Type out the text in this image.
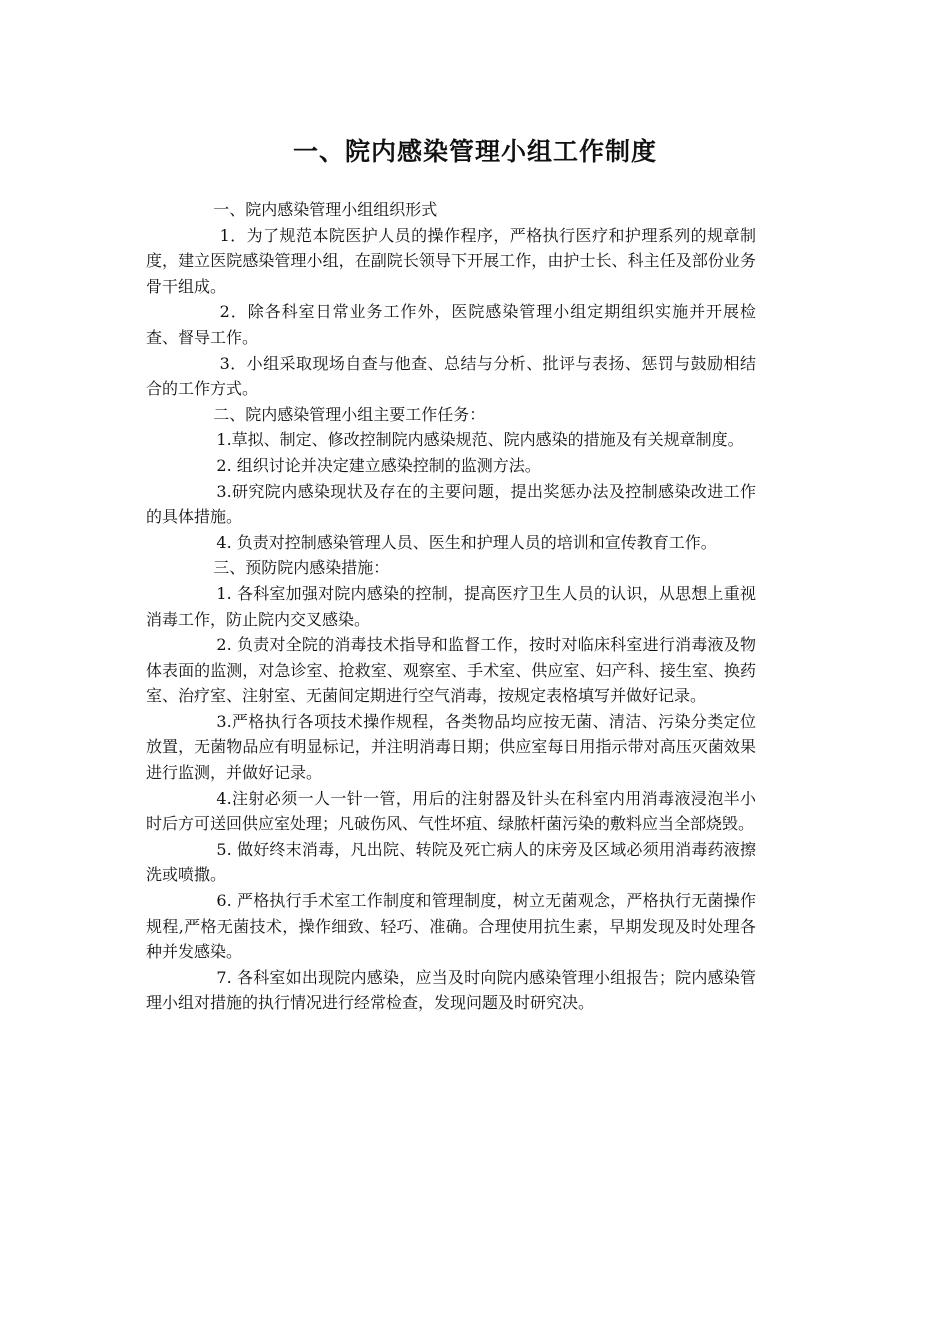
一、院内感染管理小组工作制度

一、院内感染管理小组组织形式

1．为了规范本院医护人员的操作程序，严格执行医疗和护理系列的规章制度，建立医院感染管理小组，在副院长领导下开展工作，由护士长、科主任及部份业务骨干组成。

2．除各科室日常业务工作外，医院感染管理小组定期组织实施并开展检查、督导工作。

3．小组采取现场自查与他查、总结与分析、批评与表扬、惩罚与鼓励相结合的工作方式。

二、院内感染管理小组主要工作任务：

1.草拟、制定、修改控制院内感染规范、院内感染的措施及有关规章制度。

2. 组织讨论并决定建立感染控制的监测方法。

3.研究院内感染现状及存在的主要问题，提出奖惩办法及控制感染改进工作的具体措施。

4. 负责对控制感染管理人员、医生和护理人员的培训和宣传教育工作。

三、预防院内感染措施：

1. 各科室加强对院内感染的控制，提高医疗卫生人员的认识，从思想上重视消毒工作，防止院内交叉感染。

2. 负责对全院的消毒技术指导和监督工作，按时对临床科室进行消毒液及物体表面的监测，对急诊室、抢救室、观察室、手术室、供应室、妇产科、接生室、换药室、治疗室、注射室、无菌间定期进行空气消毒，按规定表格填写并做好记录。

3.严格执行各项技术操作规程，各类物品均应按无菌、清洁、污染分类定位放置，无菌物品应有明显标记，并注明消毒日期；供应室每日用指示带对高压灭菌效果进行监测，并做好记录。

4.注射必须一人一针一管，用后的注射器及针头在科室内用消毒液浸泡半小时后方可送回供应室处理；凡破伤风、气性坏疽、绿脓杆菌污染的敷料应当全部烧毁。

5. 做好终末消毒，凡出院、转院及死亡病人的床旁及区域必须用消毒药液擦洗或喷撒。

6. 严格执行手术室工作制度和管理制度，树立无菌观念，严格执行无菌操作规程,严格无菌技术，操作细致、轻巧、准确。合理使用抗生素，早期发现及时处理各种并发感染。

7. 各科室如出现院内感染，应当及时向院内感染管理小组报告；院内感染管理小组对措施的执行情况进行经常检查，发现问题及时研究决。
